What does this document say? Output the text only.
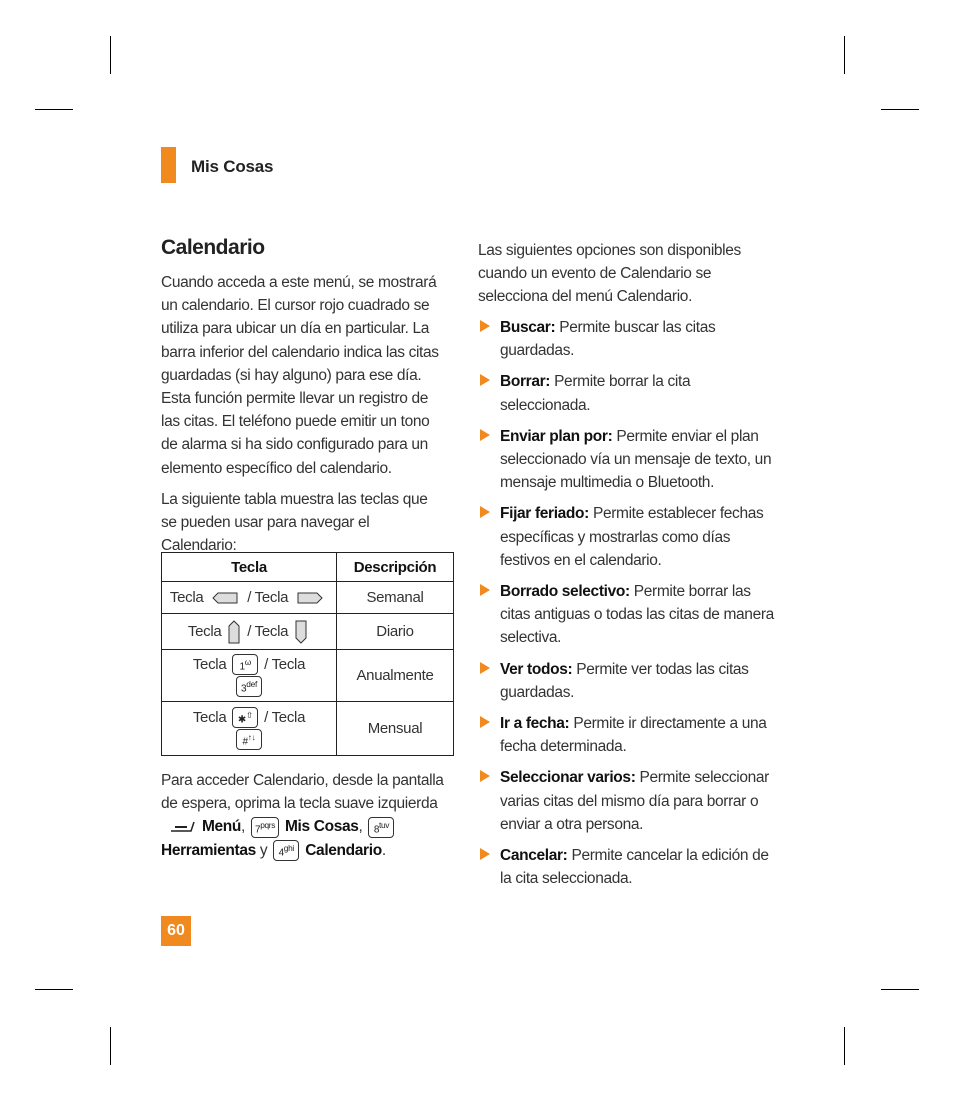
Mis Cosas
Calendario
Cuando acceda a este menú, se mostrará un calendario. El cursor rojo cuadrado se utiliza para ubicar un día en particular. La barra inferior del calendario indica las citas guardadas (si hay alguno) para ese día. Esta función permite llevar un registro de las citas. El teléfono puede emitir un tono de alarma si ha sido configurado para un elemento específico del calendario.
La siguiente tabla muestra las teclas que se pueden usar para navegar el Calendario:
Tecla	Descripción
Tecla / Tecla	Semanal
Tecla / Tecla	Diario
Tecla $1^\omega$ / Tecla
$3^{def}$	Anualmente
Tecla ✱⇧ / Tecla
#↑↓	Mensual
Para acceder Calendario, desde la pantalla de espera, oprima la tecla suave izquierda
Menú, $7^{pqrs}$ Mis Cosas, $8^{tuv}$
Herramientas y $4^{ghi}$ Calendario.
Las siguientes opciones son disponibles cuando un evento de Calendario se selecciona del menú Calendario.
Buscar: Permite buscar las citas guardadas.
Borrar: Permite borrar la cita seleccionada.
Enviar plan por: Permite enviar el plan seleccionado vía un mensaje de texto, un mensaje multimedia o Bluetooth.
Fijar feriado: Permite establecer fechas específicas y mostrarlas como días festivos en el calendario.
Borrado selectivo: Permite borrar las citas antiguas o todas las citas de manera selectiva.
Ver todos: Permite ver todas las citas guardadas.
Ir a fecha: Permite ir directamente a una fecha determinada.
Seleccionar varios: Permite seleccionar varias citas del mismo día para borrar o enviar a otra persona.
Cancelar: Permite cancelar la edición de la cita seleccionada.
60
